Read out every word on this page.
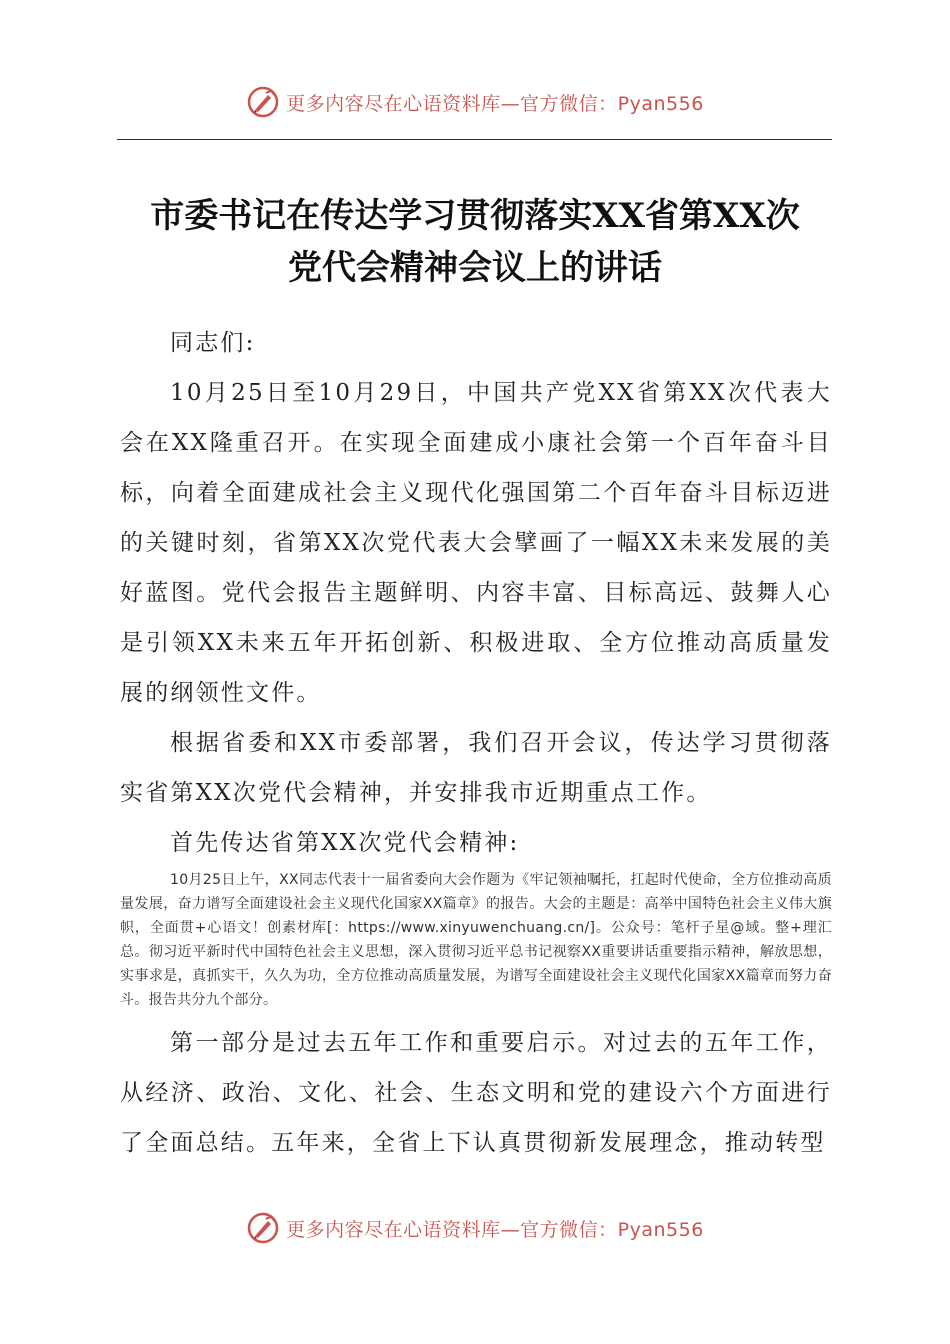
更多内容尽在心语资料库—官方微信：Pyan556
市委书记在传达学习贯彻落实XX省第XX次
党代会精神会议上的讲话

同志们:

10月25日至10月29日，中国共产党XX省第XX次代表大会在XX隆重召开。在实现全面建成小康社会第一个百年奋斗目标，向着全面建成社会主义现代化强国第二个百年奋斗目标迈进的关键时刻，省第XX次党代表大会擘画了一幅XX未来发展的美好蓝图。党代会报告主题鲜明、内容丰富、目标高远、鼓舞人心是引领XX未来五年开拓创新、积极进取、全方位推动高质量发展的纲领性文件。

根据省委和XX市委部署，我们召开会议，传达学习贯彻落实省第XX次党代会精神，并安排我市近期重点工作。

首先传达省第XX次党代会精神:

10月25日上午，XX同志代表十一届省委向大会作题为《牢记领袖嘱托，扛起时代使命，全方位推动高质量发展，奋力谱写全面建设社会主义现代化国家XX篇章》的报告。大会的主题是：高举中国特色社会主义伟大旗帜，全面贯+心语文！创素材库[：https://www.xinyuwenchuang.cn/]。公众号：笔杆子星@域。整+理汇总。彻习近平新时代中国特色社会主义思想，深入贯彻习近平总书记视察XX重要讲话重要指示精神，解放思想，实事求是，真抓实干，久久为功，全方位推动高质量发展，为谱写全面建设社会主义现代化国家XX篇章而努力奋斗。报告共分九个部分。

第一部分是过去五年工作和重要启示。对过去的五年工作，从经济、政治、文化、社会、生态文明和党的建设六个方面进行了全面总结。五年来，全省上下认真贯彻新发展理念，推动转型

更多内容尽在心语资料库—官方微信：Pyan556
